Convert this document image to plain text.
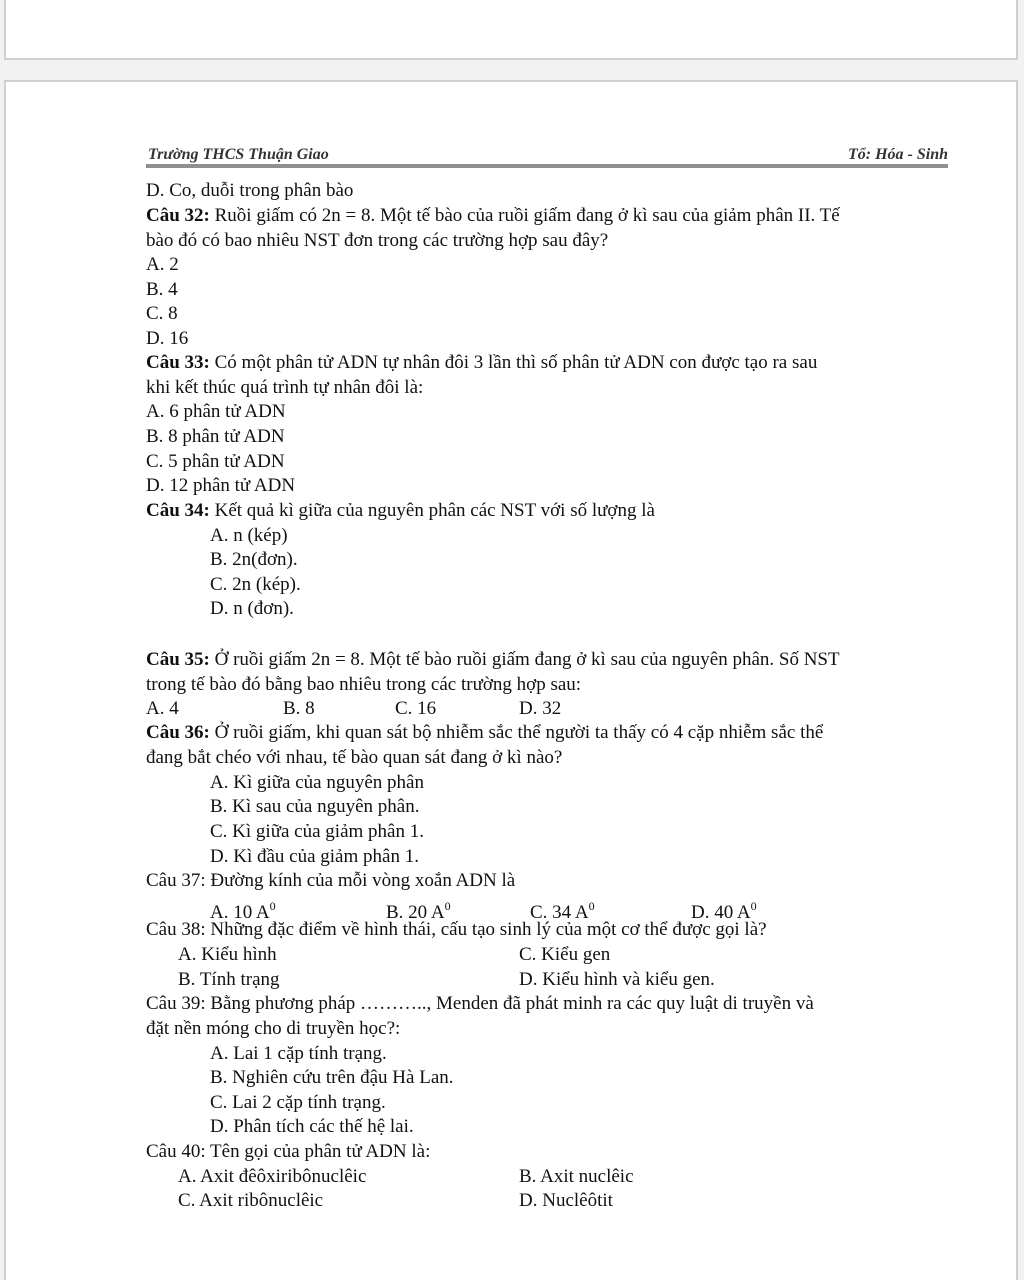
Trường THCS Thuận Giao	Tổ: Hóa - Sinh
D. Co, duỗi trong phân bào
Câu 32: Ruồi giấm có 2n = 8. Một tế bào của ruồi giấm đang ở kì sau của giảm phân II. Tế
bào đó có bao nhiêu NST đơn trong các trường hợp sau đây?
A. 2
B. 4
C. 8
D. 16
Câu 33: Có một phân tử ADN tự nhân đôi 3 lần thì số phân tử ADN con được tạo ra sau
khi kết thúc quá trình tự nhân đôi là:
A. 6 phân tử ADN
B. 8 phân tử ADN
C. 5 phân tử ADN
D. 12 phân tử ADN
Câu 34: Kết quả kì giữa của nguyên phân các NST với số lượng là
A. n (kép)
B. 2n(đơn).
C. 2n (kép).
D. n (đơn).
Câu 35: Ở ruồi giấm 2n = 8. Một tế bào ruồi giấm đang ở kì sau của nguyên phân. Số NST
trong tế bào đó bằng bao nhiêu trong các trường hợp sau:
A. 4	B. 8	C. 16	D. 32
Câu 36: Ở ruồi giấm, khi quan sát bộ nhiễm sắc thể người ta thấy có 4 cặp nhiễm sắc thể
đang bắt chéo với nhau, tế bào quan sát đang ở kì nào?
A. Kì giữa của nguyên phân
B. Kì sau của nguyên phân.
C. Kì giữa của giảm phân 1.
D. Kì đầu của giảm phân 1.
Câu 37: Đường kính của mỗi vòng xoắn ADN là
A. 10 $A^0$	B. 20 $A^0$	C. 34 $A^0$	D. 40 $A^0$
Câu 38: Những đặc điểm về hình thái, cấu tạo sinh lý của một cơ thể được gọi là?
A. Kiểu hình	C. Kiểu gen
B. Tính trạng	D. Kiểu hình và kiểu gen.
Câu 39: Bằng phương pháp ……….., Menden đã phát minh ra các quy luật di truyền và
đặt nền móng cho di truyền học?:
A. Lai 1 cặp tính trạng.
B. Nghiên cứu trên đậu Hà Lan.
C. Lai 2 cặp tính trạng.
D. Phân tích các thế hệ lai.
Câu 40: Tên gọi của phân tử ADN là:
A. Axit đêôxiribônuclêic	B. Axit nuclêic
C. Axit ribônuclêic	D. Nuclêôtit
